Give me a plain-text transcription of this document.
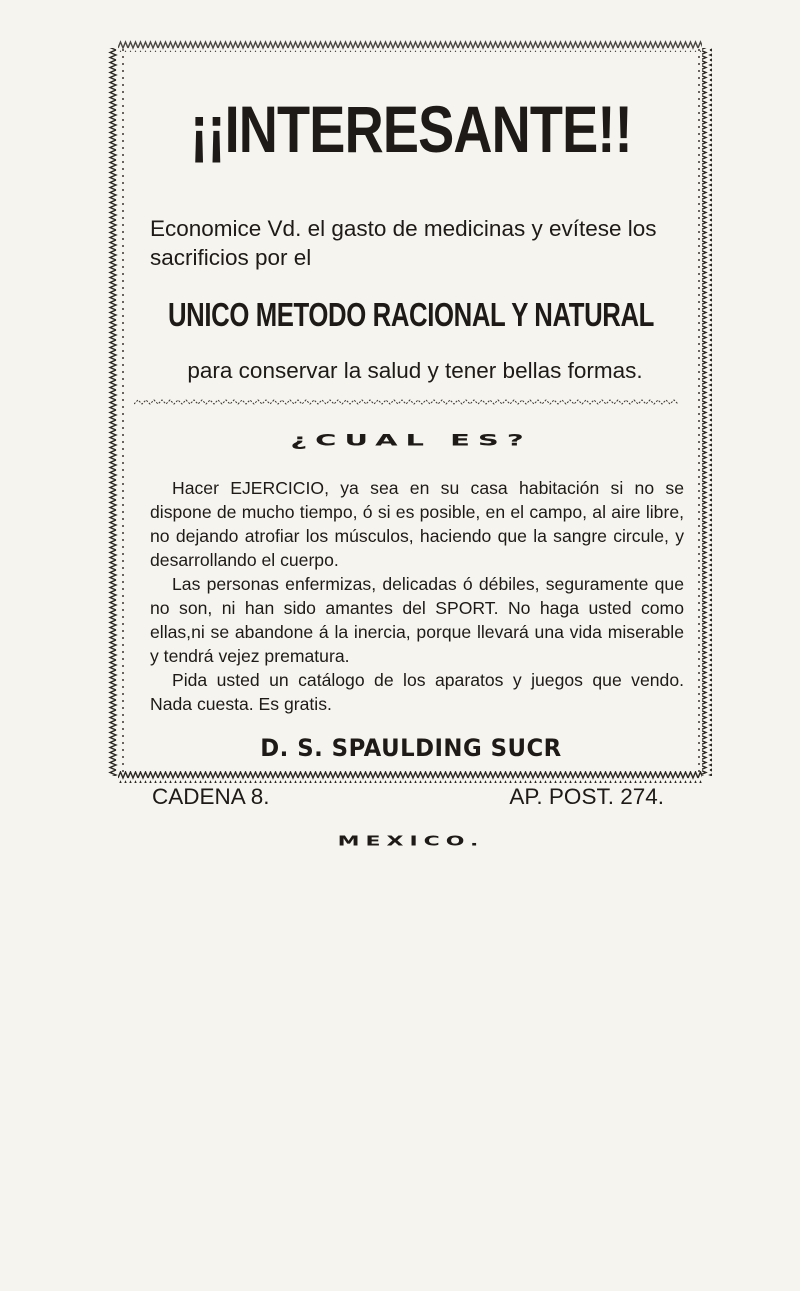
¡¡INTERESANTE!!

Economice Vd. el gasto de medicinas y evítese los sacrificios por el

UNICO METODO RACIONAL Y NATURAL

para conservar la salud y tener bellas formas.

¿CUAL ES?

Hacer EJERCICIO, ya sea en su casa habitación si no se dispone de mucho tiempo, ó si es posible, en el campo, al aire libre, no dejando atrofiar los músculos, haciendo que la sangre circule, y desarrollando el cuerpo.

Las personas enfermizas, delicadas ó débiles, seguramente que no son, ni han sido amantes del SPORT. No haga usted como ellas,ni se abandone á la inercia, porque llevará una vida miserable y tendrá vejez prematura.

Pida usted un catálogo de los aparatos y juegos que vendo. Nada cuesta. Es gratis.

D. S. SPAULDING SUCR
CADENA 8.	AP. POST. 274.
MEXICO.
